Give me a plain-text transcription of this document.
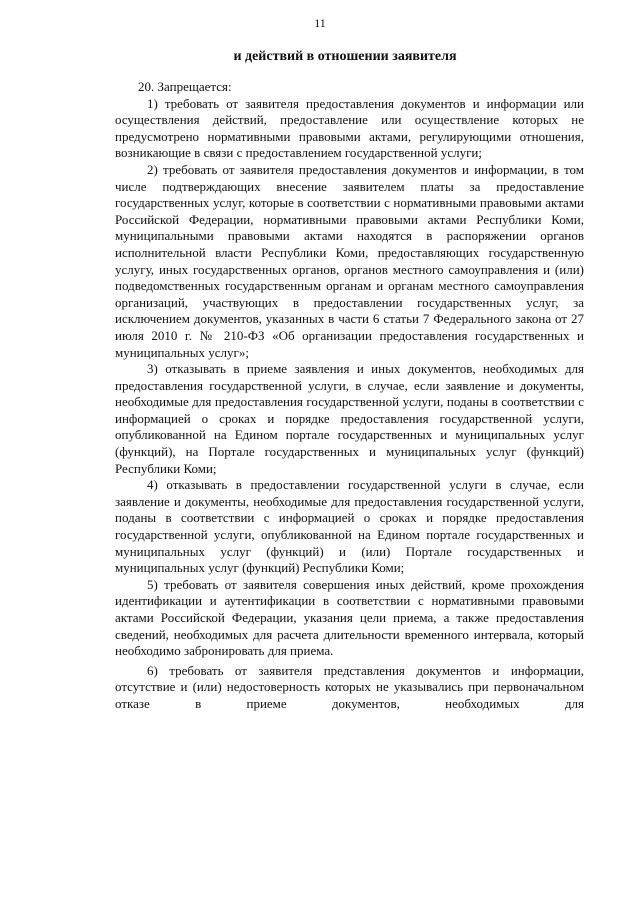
11
и действий в отношении заявителя

20. Запрещается:

1) требовать от заявителя предоставления документов и информации или осуществления действий, предоставление или осуществление которых не предусмотрено нормативными правовыми актами, регулирующими отношения, возникающие в связи с предоставлением государственной услуги;

2) требовать от заявителя предоставления документов и информации, в том числе подтверждающих внесение заявителем платы за предоставление государственных услуг, которые в соответствии с нормативными правовыми актами Российской Федерации, нормативными правовыми актами Республики Коми, муниципальными правовыми актами находятся в распоряжении органов исполнительной власти Республики Коми, предоставляющих государственную услугу, иных государственных органов, органов местного самоуправления и (или) подведомственных государственным органам и органам местного самоуправления организаций, участвующих в предоставлении государственных услуг, за исключением документов, указанных в части 6 статьи 7 Федерального закона от 27 июля 2010 г. № 210-ФЗ «Об организации предоставления государственных и муниципальных услуг»;

3) отказывать в приеме заявления и иных документов, необходимых для предоставления государственной услуги, в случае, если заявление и документы, необходимые для предоставления государственной услуги, поданы в соответствии с информацией о сроках и порядке предоставления государственной услуги, опубликованной на Едином портале государственных и муниципальных услуг (функций), на Портале государственных и муниципальных услуг (функций) Республики Коми;

4) отказывать в предоставлении государственной услуги в случае, если заявление и документы, необходимые для предоставления государственной услуги, поданы в соответствии с информацией о сроках и порядке предоставления государственной услуги, опубликованной на Едином портале государственных и муниципальных услуг (функций) и (или) Портале государственных и муниципальных услуг (функций) Республики Коми;

5) требовать от заявителя совершения иных действий, кроме прохождения идентификации и аутентификации в соответствии с нормативными правовыми актами Российской Федерации, указания цели приема, а также предоставления сведений, необходимых для расчета длительности временного интервала, который необходимо забронировать для приема.

6) требовать от заявителя представления документов и информации, отсутствие и (или) недостоверность которых не указывались при первоначальном отказе в приеме документов, необходимых для
